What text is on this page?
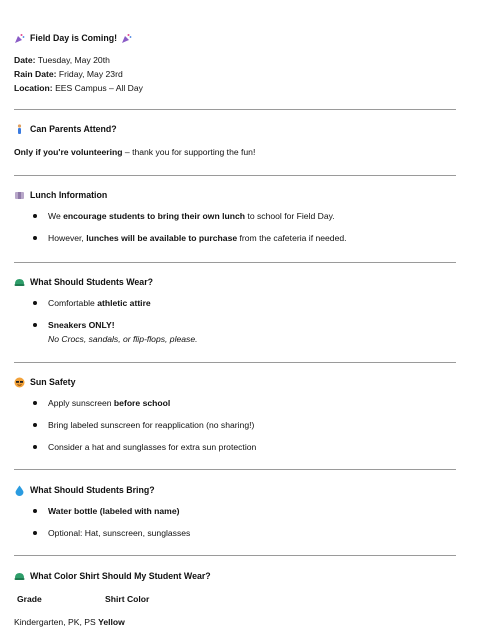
Field Day is Coming!
Date: Tuesday, May 20th
Rain Date: Friday, May 23rd
Location: EES Campus – All Day
Can Parents Attend?
Only if you're volunteering – thank you for supporting the fun!
Lunch Information
We encourage students to bring their own lunch to school for Field Day.
However, lunches will be available to purchase from the cafeteria if needed.
What Should Students Wear?
Comfortable athletic attire
Sneakers ONLY!
No Crocs, sandals, or flip-flops, please.
Sun Safety
Apply sunscreen before school
Bring labeled sunscreen for reapplication (no sharing!)
Consider a hat and sunglasses for extra sun protection
What Should Students Bring?
Water bottle (labeled with name)
Optional: Hat, sunscreen, sunglasses
What Color Shirt Should My Student Wear?
Grade	Shirt Color
Kindergarten, PK, PS Yellow
